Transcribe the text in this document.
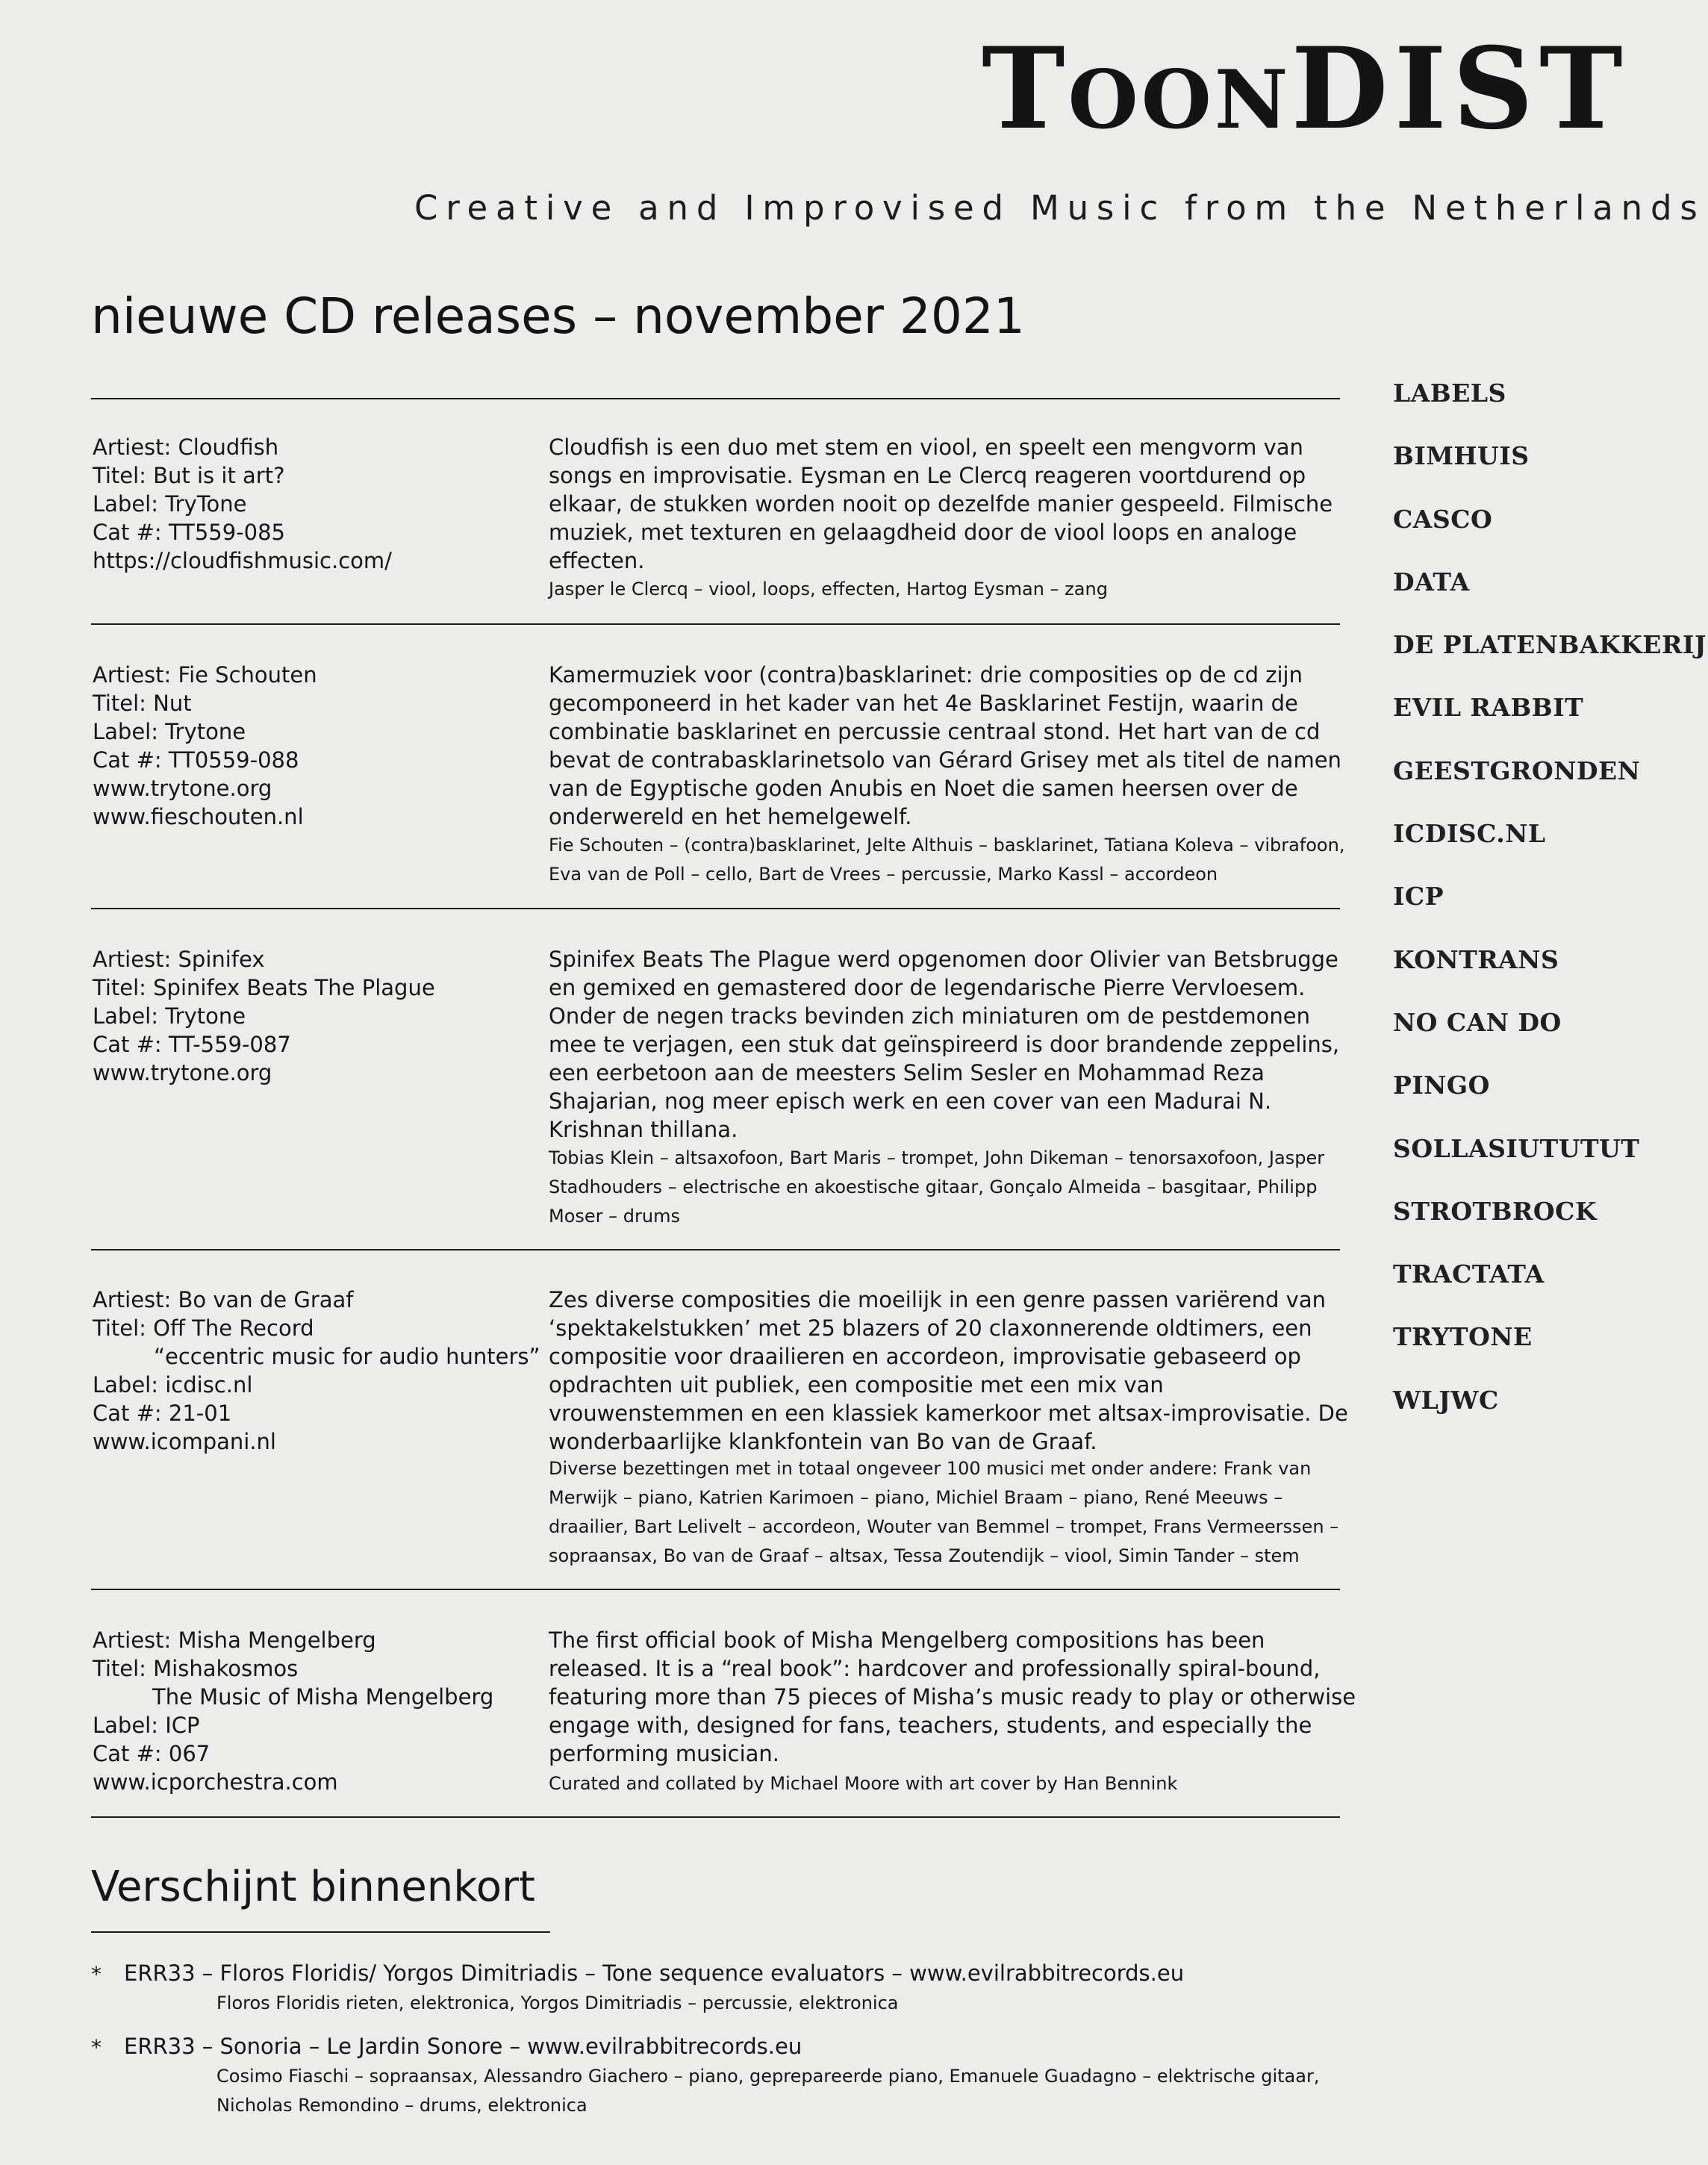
TOONDIST
Creative and Improvised Music from the Netherlands
nieuwe CD releases – november 2021
Artiest: Cloudfish
Titel: But is it art?
Label: TryTone
Cat #: TT559-085
https://cloudfishmusic.com/
Cloudfish is een duo met stem en viool, en speelt een mengvorm van songs en improvisatie. Eysman en Le Clercq reageren voortdurend op elkaar, de stukken worden nooit op dezelfde manier gespeeld. Filmische muziek, met texturen en gelaagdheid door de viool loops en analoge effecten.
Jasper le Clercq – viool, loops, effecten, Hartog Eysman – zang
Artiest: Fie Schouten
Titel: Nut
Label: Trytone
Cat #: TT0559-088
www.trytone.org
www.fieschouten.nl
Kamermuziek voor (contra)basklarinet: drie composities op de cd zijn gecomponeerd in het kader van het 4e Basklarinet Festijn, waarin de combinatie basklarinet en percussie centraal stond. Het hart van de cd bevat de contrabasklarinetsolo van Gérard Grisey met als titel de namen van de Egyptische goden Anubis en Noet die samen heersen over de onderwereld en het hemelgewelf.
Fie Schouten – (contra)basklarinet, Jelte Althuis – basklarinet, Tatiana Koleva – vibrafoon, Eva van de Poll – cello, Bart de Vrees – percussie, Marko Kassl – accordeon
Artiest: Spinifex
Titel: Spinifex Beats The Plague
Label: Trytone
Cat #: TT-559-087
www.trytone.org
Spinifex Beats The Plague werd opgenomen door Olivier van Betsbrugge en gemixed en gemastered door de legendarische Pierre Vervloesem. Onder de negen tracks bevinden zich miniaturen om de pestdemonen mee te verjagen, een stuk dat geïnspireerd is door brandende zeppelins, een eerbetoon aan de meesters Selim Sesler en Mohammad Reza Shajarian, nog meer episch werk en een cover van een Madurai N. Krishnan thillana.
Tobias Klein – altsaxofoon, Bart Maris – trompet, John Dikeman – tenorsaxofoon, Jasper Stadhouders – electrische en akoestische gitaar, Gonçalo Almeida – basgitaar, Philipp Moser – drums
Artiest: Bo van de Graaf
Titel: Off The Record
“eccentric music for audio hunters”
Label: icdisc.nl
Cat #: 21-01
www.icompani.nl
Zes diverse composities die moeilijk in een genre passen variërend van ‘spektakelstukken’ met 25 blazers of 20 claxonnerende oldtimers, een compositie voor draailieren en accordeon, improvisatie gebaseerd op opdrachten uit publiek, een compositie met een mix van vrouwenstemmen en een klassiek kamerkoor met altsax-improvisatie. De wonderbaarlijke klankfontein van Bo van de Graaf.
Diverse bezettingen met in totaal ongeveer 100 musici met onder andere: Frank van Merwijk – piano, Katrien Karimoen – piano, Michiel Braam – piano, René Meeuws – draailier, Bart Lelivelt – accordeon, Wouter van Bemmel – trompet, Frans Vermeerssen – sopraansax, Bo van de Graaf – altsax, Tessa Zoutendijk – viool, Simin Tander – stem
Artiest: Misha Mengelberg
Titel: Mishakosmos
The Music of Misha Mengelberg
Label: ICP
Cat #: 067
www.icporchestra.com
The first official book of Misha Mengelberg compositions has been released. It is a “real book”: hardcover and professionally spiral-bound, featuring more than 75 pieces of Misha’s music ready to play or otherwise engage with, designed for fans, teachers, students, and especially the performing musician.
Curated and collated by Michael Moore with art cover by Han Bennink
LABELS
BIMHUIS
CASCO
DATA
DE PLATENBAKKERIJ
EVIL RABBIT
GEESTGRONDEN
ICDISC.NL
ICP
KONTRANS
NO CAN DO
PINGO
SOLLASIUTUTUT
STROTBROCK
TRACTATA
TRYTONE
WLJWC
Verschijnt binnenkort
* ERR33 – Floros Floridis/ Yorgos Dimitriadis – Tone sequence evaluators – www.evilrabbitrecords.eu
Floros Floridis rieten, elektronica, Yorgos Dimitriadis – percussie, elektronica
* ERR33 – Sonoria – Le Jardin Sonore – www.evilrabbitrecords.eu
Cosimo Fiaschi – sopraansax, Alessandro Giachero – piano, gepreparеerde piano, Emanuele Guadagno – elektrische gitaar,
Nicholas Remondino – drums, elektronica
